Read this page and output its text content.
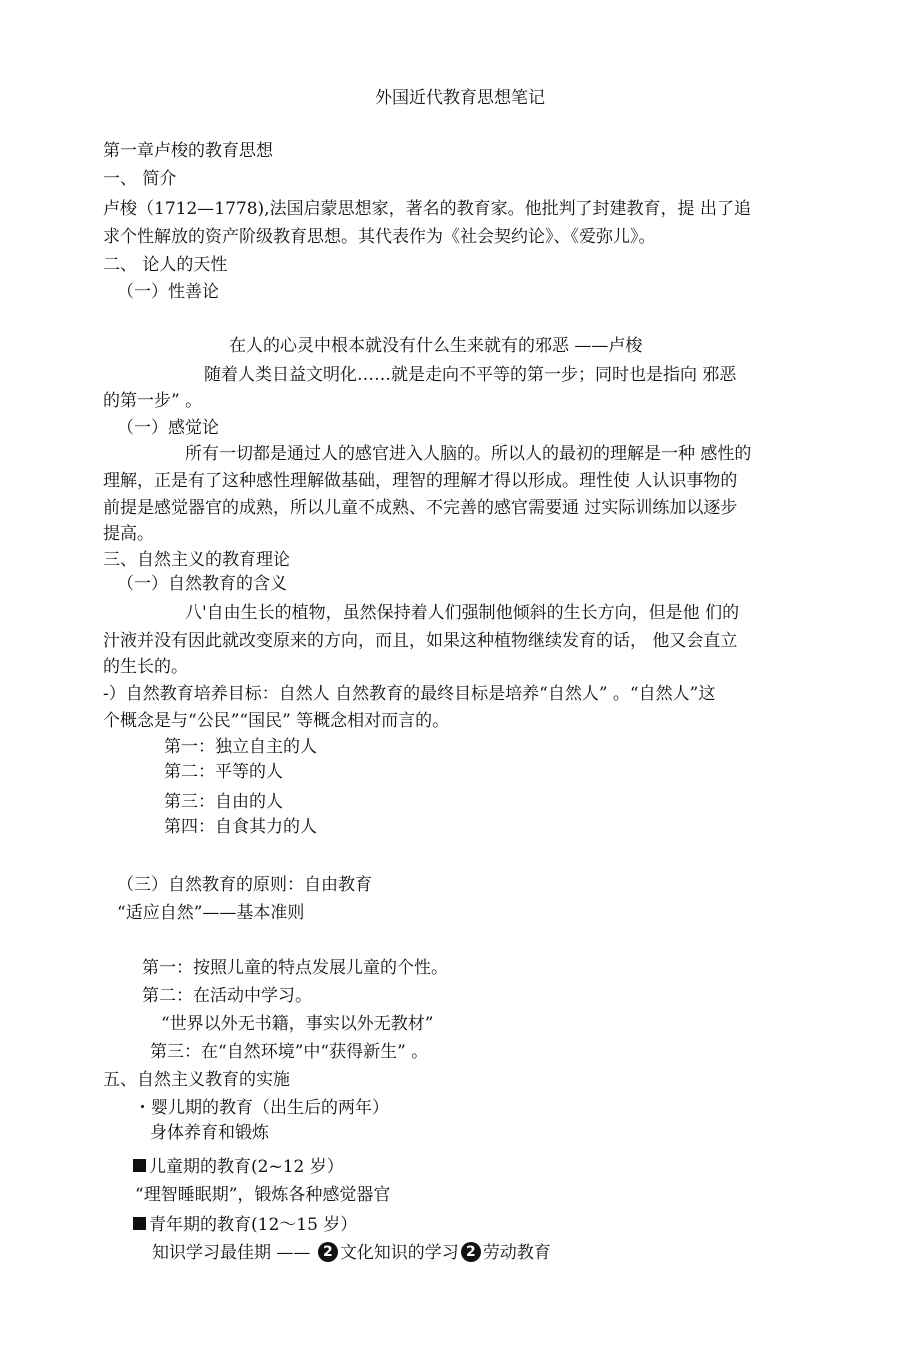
外国近代教育思想笔记
第一章卢梭的教育思想
一、 简介
卢梭（1712—1778),法国启蒙思想家，著名的教育家。他批判了封建教育，提 出了追
求个性解放的资产阶级教育思想。其代表作为《社会契约论》、《爱弥儿》。
二、 论人的天性
（一）性善论
在人的心灵中根本就没有什么生来就有的邪恶 ——卢梭
随着人类日益文明化……就是走向不平等的第一步；同时也是指向 邪恶
的第一步” 。
（一）感觉论
所有一切都是通过人的感官进入人脑的。所以人的最初的理解是一种 感性的
理解，正是有了这种感性理解做基础，理智的理解才得以形成。理性使 人认识事物的
前提是感觉器官的成熟，所以儿童不成熟、不完善的感官需要通 过实际训练加以逐步
提高。
三、自然主义的教育理论
（一）自然教育的含义
八'自由生长的植物，虽然保持着人们强制他倾斜的生长方向，但是他 们的
汁液并没有因此就改变原来的方向，而且，如果这种植物继续发育的话， 他又会直立
的生长的。
-）自然教育培养目标：自然人 自然教育的最终目标是培养“自然人” 。“自然人”这
个概念是与“公民”“国民” 等概念相对而言的。
第一：独立自主的人
第二：平等的人
第三：自由的人
第四：自食其力的人
（三）自然教育的原则：自由教育
“适应自然”——基本准则
第一：按照儿童的特点发展儿童的个性。
第二：在活动中学习。
“世界以外无书籍，事实以外无教材”
第三：在“自然环境”中“获得新生” 。
五、自然主义教育的实施
・婴儿期的教育（出生后的两年）
身体养育和锻炼
儿童期的教育(2~12 岁）
“理智睡眠期”，锻炼各种感觉器官
青年期的教育(12～15 岁）
知识学习最佳期 —— 2 文化知识的学习 2 劳动教育
